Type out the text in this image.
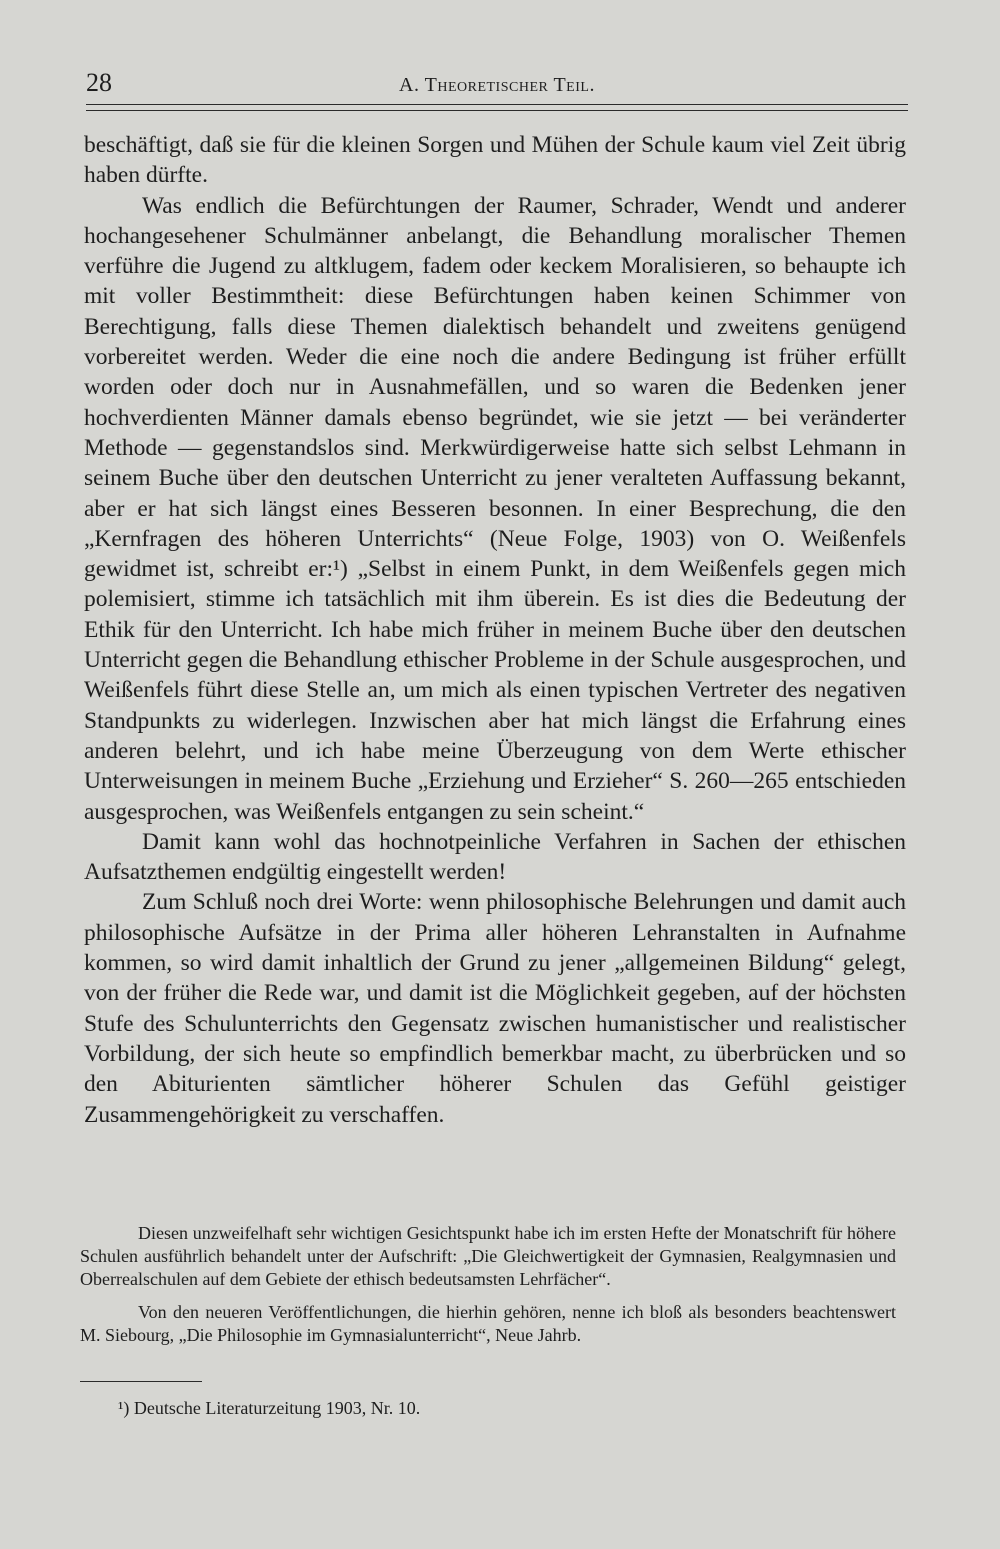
28	A. Theoretischer Teil.

beschäftigt, daß sie für die kleinen Sorgen und Mühen der Schule kaum viel Zeit übrig haben dürfte.

Was endlich die Befürchtungen der Raumer, Schrader, Wendt und anderer hochangesehener Schulmänner anbelangt, die Behandlung moralischer Themen verführe die Jugend zu altklugem, fadem oder keckem Moralisieren, so behaupte ich mit voller Bestimmtheit: diese Befürchtungen haben keinen Schimmer von Berechtigung, falls diese Themen dialektisch behandelt und zweitens genügend vorbereitet werden. Weder die eine noch die andere Bedingung ist früher erfüllt worden oder doch nur in Ausnahmefällen, und so waren die Bedenken jener hochverdienten Männer damals ebenso begründet, wie sie jetzt — bei veränderter Methode — gegenstandslos sind. Merkwürdigerweise hatte sich selbst Lehmann in seinem Buche über den deutschen Unterricht zu jener veralteten Auffassung bekannt, aber er hat sich längst eines Besseren besonnen. In einer Besprechung, die den „Kernfragen des höheren Unterrichts“ (Neue Folge, 1903) von O. Weißenfels gewidmet ist, schreibt er:¹) „Selbst in einem Punkt, in dem Weißenfels gegen mich polemisiert, stimme ich tatsächlich mit ihm überein. Es ist dies die Bedeutung der Ethik für den Unterricht. Ich habe mich früher in meinem Buche über den deutschen Unterricht gegen die Behandlung ethischer Probleme in der Schule ausgesprochen, und Weißenfels führt diese Stelle an, um mich als einen typischen Vertreter des negativen Standpunkts zu widerlegen. Inzwischen aber hat mich längst die Erfahrung eines anderen belehrt, und ich habe meine Überzeugung von dem Werte ethischer Unterweisungen in meinem Buche „Erziehung und Erzieher“ S. 260—265 entschieden ausgesprochen, was Weißenfels entgangen zu sein scheint.“

Damit kann wohl das hochnotpeinliche Verfahren in Sachen der ethischen Aufsatzthemen endgültig eingestellt werden!

Zum Schluß noch drei Worte: wenn philosophische Belehrungen und damit auch philosophische Aufsätze in der Prima aller höheren Lehranstalten in Aufnahme kommen, so wird damit inhaltlich der Grund zu jener „allgemeinen Bildung“ gelegt, von der früher die Rede war, und damit ist die Möglichkeit gegeben, auf der höchsten Stufe des Schulunterrichts den Gegensatz zwischen humanistischer und realistischer Vorbildung, der sich heute so empfindlich bemerkbar macht, zu überbrücken und so den Abiturienten sämtlicher höherer Schulen das Gefühl geistiger Zusammengehörigkeit zu verschaffen.

Diesen unzweifelhaft sehr wichtigen Gesichtspunkt habe ich im ersten Hefte der Monatschrift für höhere Schulen ausführlich behandelt unter der Aufschrift: „Die Gleichwertigkeit der Gymnasien, Realgymnasien und Oberrealschulen auf dem Gebiete der ethisch bedeutsamsten Lehrfächer“.

Von den neueren Veröffentlichungen, die hierhin gehören, nenne ich bloß als besonders beachtenswert M. Siebourg, „Die Philosophie im Gymnasialunterricht“, Neue Jahrb.

¹) Deutsche Literaturzeitung 1903, Nr. 10.
